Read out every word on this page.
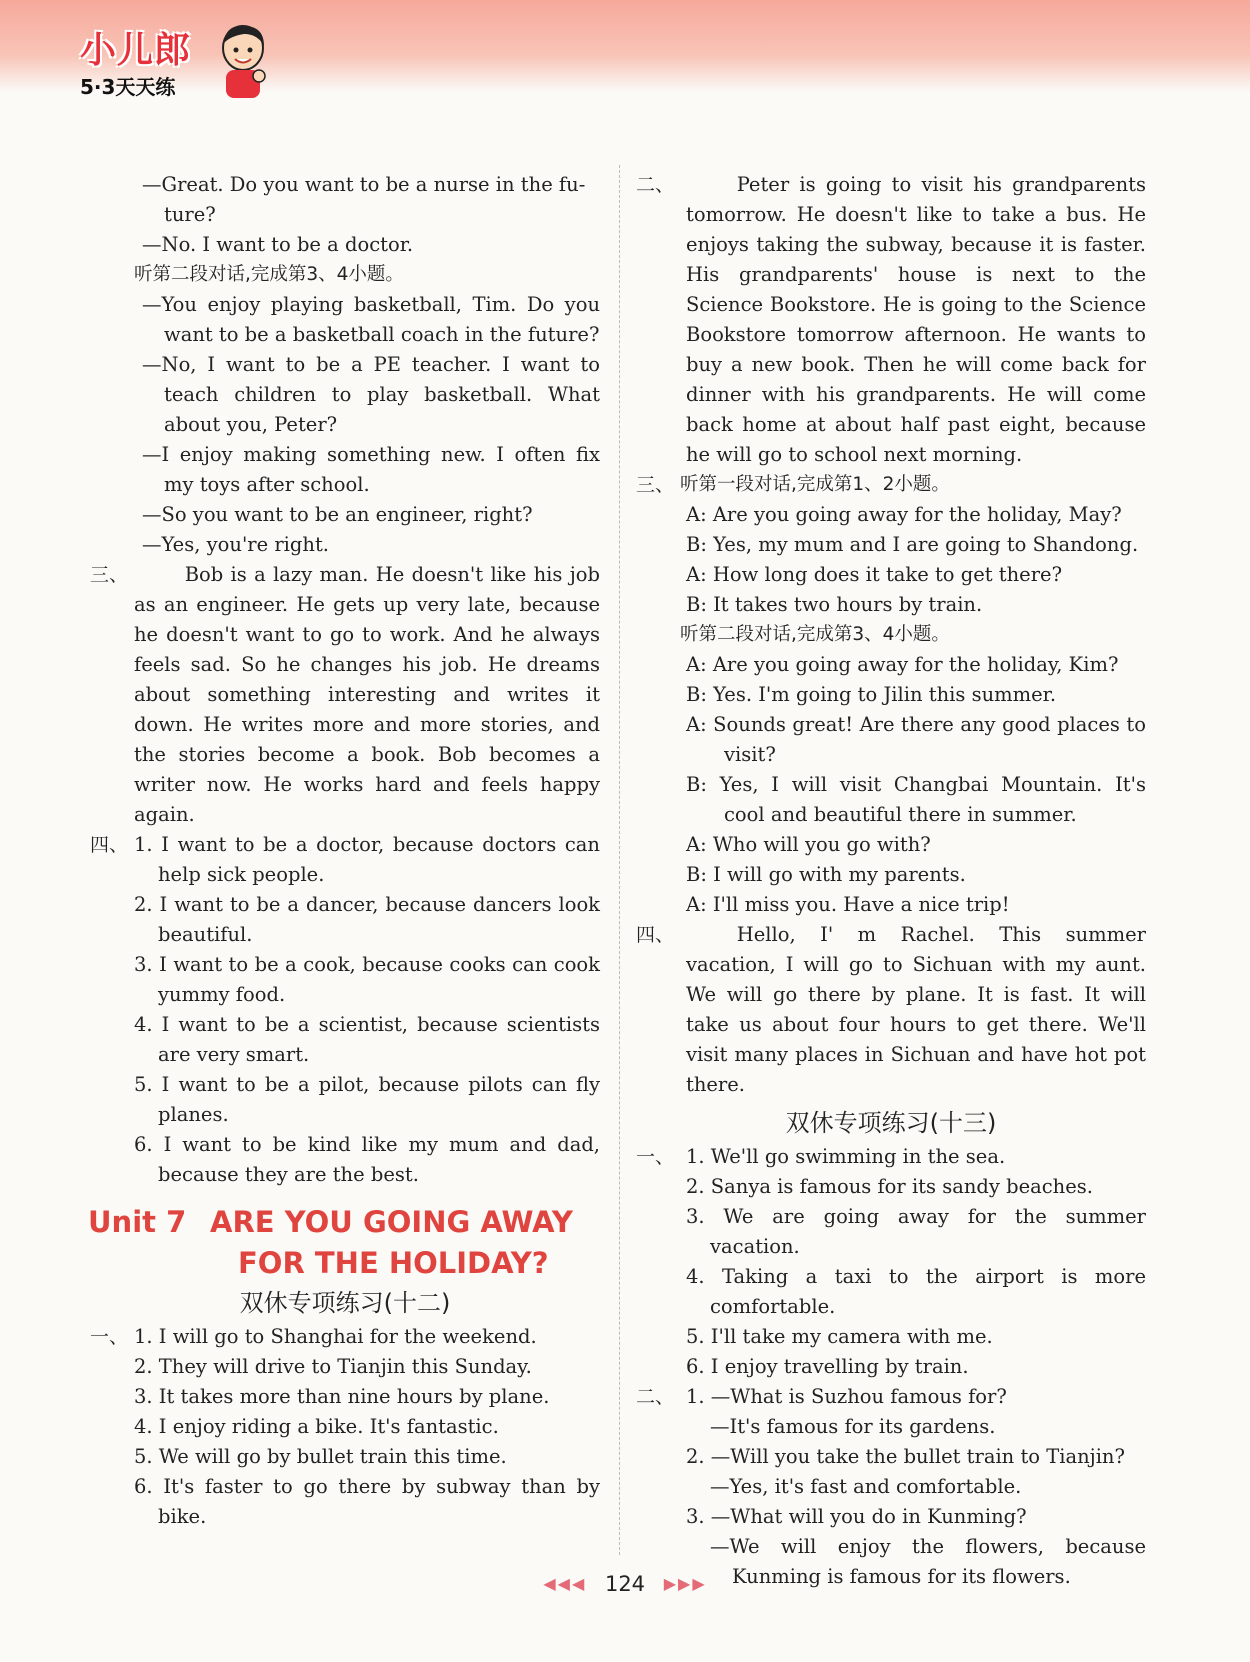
小儿郎
5·3天天练
—Great. Do you want to be a nurse in the fu-
ture?
—No. I want to be a doctor.
听第二段对话,完成第3、4小题。
—You enjoy playing basketball, Tim. Do you want to be a basketball coach in the future?
—No, I want to be a PE teacher. I want to teach children to play basketball. What about you, Peter?
—I enjoy making something new. I often fix my toys after school.
—So you want to be an engineer, right?
—Yes, you're right.
三、	Bob is a lazy man. He doesn't like his job as an engineer. He gets up very late, because he doesn't want to go to work. And he always feels sad. So he changes his job. He dreams about something interesting and writes it down. He writes more and more stories, and the stories become a book. Bob becomes a writer now. He works hard and feels happy again.
四、 1. I want to be a doctor, because doctors can help sick people.
2. I want to be a dancer, because dancers look beautiful.
3. I want to be a cook, because cooks can cook yummy food.
4. I want to be a scientist, because scientists are very smart.
5. I want to be a pilot, because pilots can fly planes.
6. I want to be kind like my mum and dad, because they are the best.
Unit 7 ARE YOU GOING AWAY
FOR THE HOLIDAY?
双休专项练习(十二)
一、 1. I will go to Shanghai for the weekend.
2. They will drive to Tianjin this Sunday.
3. It takes more than nine hours by plane.
4. I enjoy riding a bike. It's fantastic.
5. We will go by bullet train this time.
6. It's faster to go there by subway than by bike.
二、	Peter is going to visit his grandparents tomorrow. He doesn't like to take a bus. He enjoys taking the subway, because it is faster. His grandparents' house is next to the Science Bookstore. He is going to the Science Bookstore tomorrow afternoon. He wants to buy a new book. Then he will come back for dinner with his grandparents. He will come back home at about half past eight, because he will go to school next morning.
三、 听第一段对话,完成第1、2小题。
A: Are you going away for the holiday, May?
B: Yes, my mum and I are going to Shandong.
A: How long does it take to get there?
B: It takes two hours by train.
听第二段对话,完成第3、4小题。
A: Are you going away for the holiday, Kim?
B: Yes. I'm going to Jilin this summer.
A: Sounds great! Are there any good places to visit?
B: Yes, I will visit Changbai Mountain. It's cool and beautiful there in summer.
A: Who will you go with?
B: I will go with my parents.
A: I'll miss you. Have a nice trip!
四、	Hello, I' m Rachel. This summer vacation, I will go to Sichuan with my aunt. We will go there by plane. It is fast. It will take us about four hours to get there. We'll visit many places in Sichuan and have hot pot there.
双休专项练习(十三)
一、 1. We'll go swimming in the sea.
2. Sanya is famous for its sandy beaches.
3. We are going away for the summer vacation.
4. Taking a taxi to the airport is more comfortable.
5. I'll take my camera with me.
6. I enjoy travelling by train.
二、 1. —What is Suzhou famous for?
—It's famous for its gardens.
2. —Will you take the bullet train to Tianjin?
—Yes, it's fast and comfortable.
3. —What will you do in Kunming?
—We will enjoy the flowers, because Kunming is famous for its flowers.
◀◀◀ 124 ▶▶▶
